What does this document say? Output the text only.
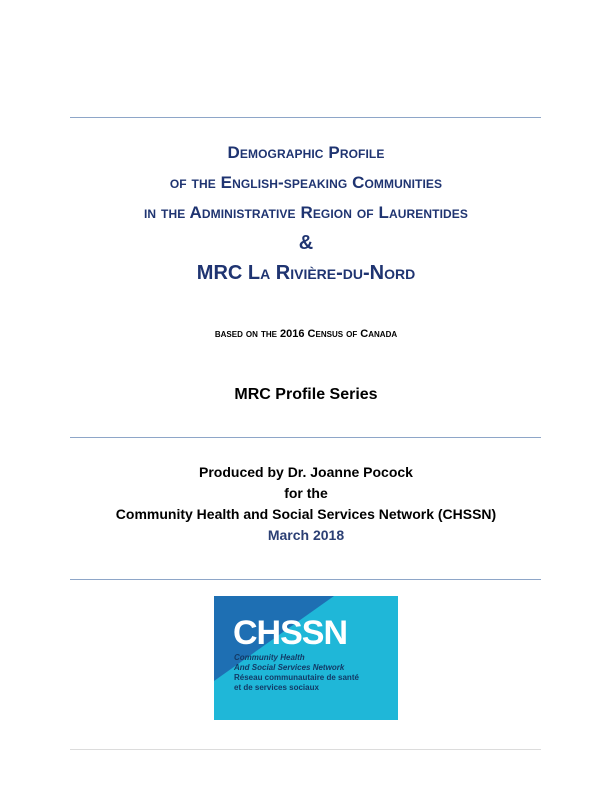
Demographic Profile
of the English-speaking Communities
in the Administrative Region of Laurentides
&
MRC La Rivière-du-Nord
based on the 2016 Census of Canada
MRC Profile Series
Produced by Dr. Joanne Pocock
for the
Community Health and Social Services Network (CHSSN)
March 2018
CHSSN
Community Health
And Social Services Network
Réseau communautaire de santé
et de services sociaux
